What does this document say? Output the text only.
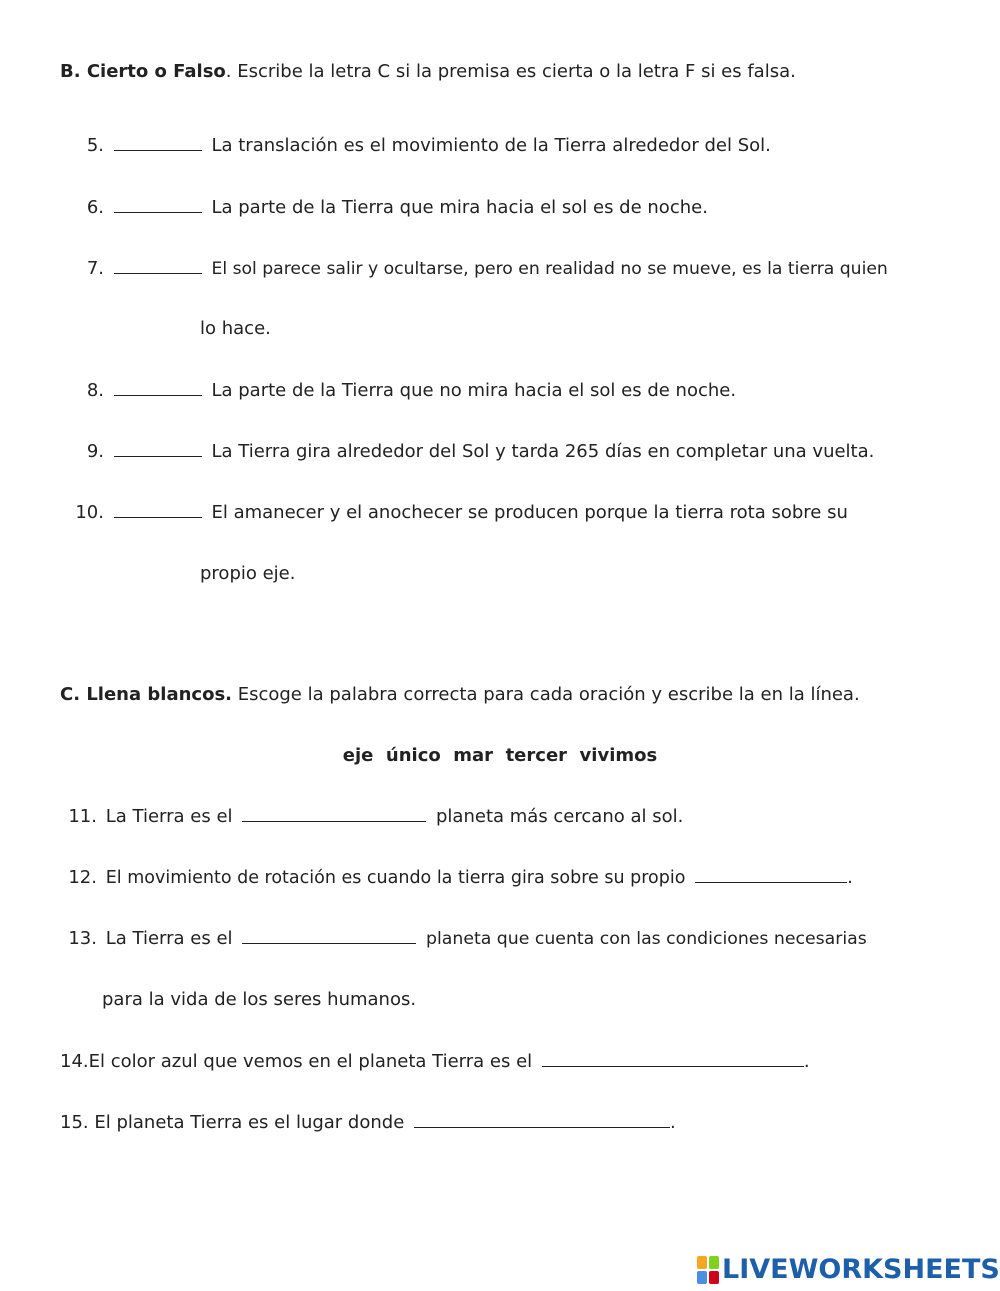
B. Cierto o Falso. Escribe la letra C si la premisa es cierta o la letra F si es falsa.
5.	La translación es el movimiento de la Tierra alrededor del Sol.
6.	La parte de la Tierra que mira hacia el sol es de noche.
7.	El sol parece salir y ocultarse, pero en realidad no se mueve, es la tierra quien
lo hace.
8.	La parte de la Tierra que no mira hacia el sol es de noche.
9.	La Tierra gira alrededor del Sol y tarda 265 días en completar una vuelta.
10.	El amanecer y el anochecer se producen porque la tierra rota sobre su
propio eje.
C. Llena blancos. Escoge la palabra correcta para cada oración y escribe la en la línea.
eje  único  mar  tercer  vivimos
11. La Tierra es el	planeta más cercano al sol.
12. El movimiento de rotación es cuando la tierra gira sobre su propio	.
13. La Tierra es el	planeta que cuenta con las condiciones necesarias
para la vida de los seres humanos.
14.El color azul que vemos en el planeta Tierra es el	.
15. El planeta Tierra es el lugar donde	.
LIVEWORKSHEETS
